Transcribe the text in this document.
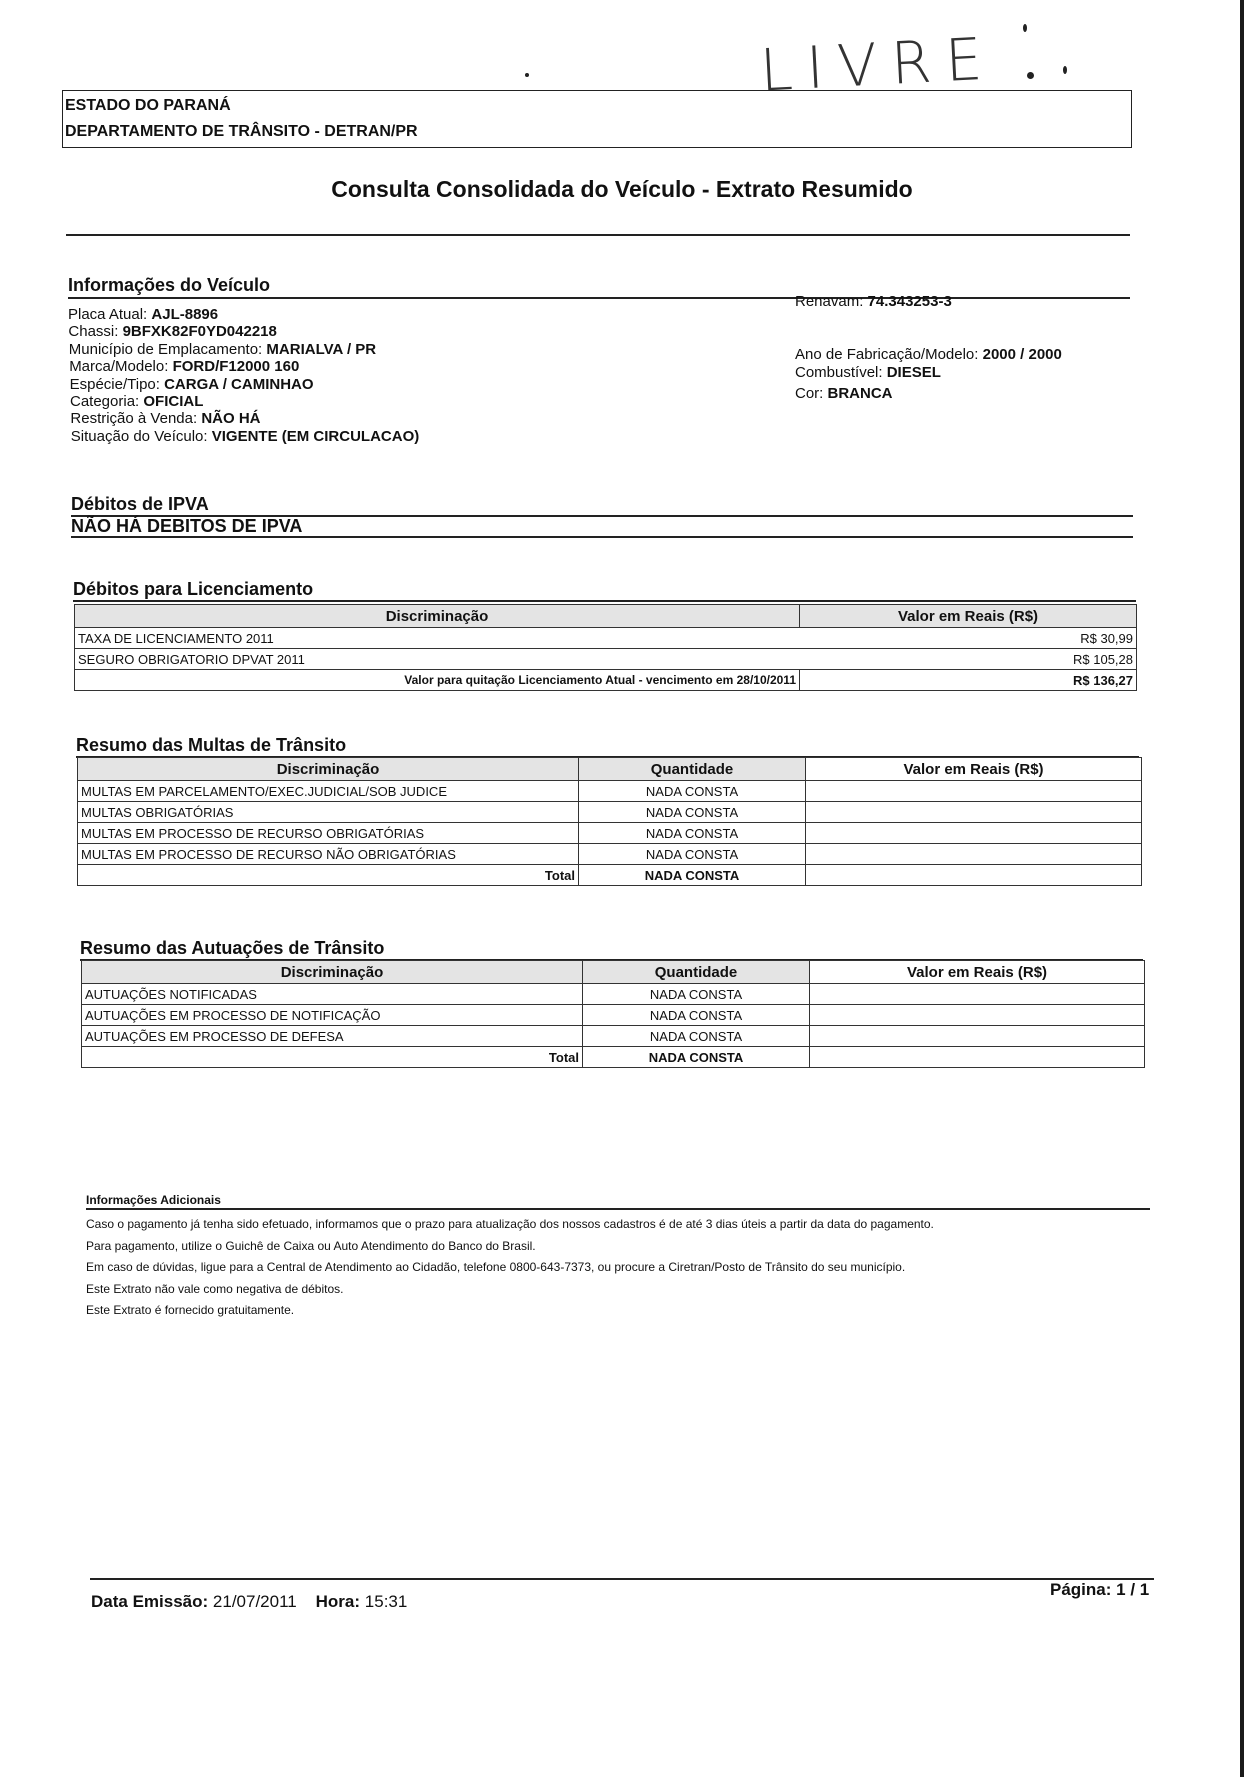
LIVRE
ESTADO DO PARANÁ
DEPARTAMENTO DE TRÂNSITO - DETRAN/PR
Consulta Consolidada do Veículo - Extrato Resumido
Informações do Veículo
Placa Atual: AJL-8896
Chassi: 9BFXK82F0YD042218
Município de Emplacamento: MARIALVA / PR
Marca/Modelo: FORD/F12000 160
Espécie/Tipo: CARGA / CAMINHAO
Categoria: OFICIAL
Restrição à Venda: NÃO HÁ
Situação do Veículo: VIGENTE (EM CIRCULACAO)
Renavam: 74.343253-3
Ano de Fabricação/Modelo: 2000 / 2000
Combustível: DIESEL
Cor: BRANCA
Débitos de IPVA
NÃO HÁ DEBITOS DE IPVA
Débitos para Licenciamento
Discriminação	Valor em Reais (R$)
TAXA DE LICENCIAMENTO 2011	R$ 30,99
SEGURO OBRIGATORIO DPVAT 2011	R$ 105,28
Valor para quitação Licenciamento Atual - vencimento em 28/10/2011	R$ 136,27
Resumo das Multas de Trânsito
Discriminação	Quantidade	Valor em Reais (R$)
MULTAS EM PARCELAMENTO/EXEC.JUDICIAL/SOB JUDICE	NADA CONSTA	
MULTAS OBRIGATÓRIAS	NADA CONSTA	
MULTAS EM PROCESSO DE RECURSO OBRIGATÓRIAS	NADA CONSTA	
MULTAS EM PROCESSO DE RECURSO NÃO OBRIGATÓRIAS	NADA CONSTA	
Total	NADA CONSTA	
Resumo das Autuações de Trânsito
Discriminação	Quantidade	Valor em Reais (R$)
AUTUAÇÕES NOTIFICADAS	NADA CONSTA	
AUTUAÇÕES EM PROCESSO DE NOTIFICAÇÃO	NADA CONSTA	
AUTUAÇÕES EM PROCESSO DE DEFESA	NADA CONSTA	
Total	NADA CONSTA	
Informações Adicionais
Caso o pagamento já tenha sido efetuado, informamos que o prazo para atualização dos nossos cadastros é de até 3 dias úteis a partir da data do pagamento.
Para pagamento, utilize o Guichê de Caixa ou Auto Atendimento do Banco do Brasil.
Em caso de dúvidas, ligue para a Central de Atendimento ao Cidadão, telefone 0800-643-7373, ou procure a Ciretran/Posto de Trânsito do seu município.
Este Extrato não vale como negativa de débitos.
Este Extrato é fornecido gratuitamente.
Data Emissão: 21/07/2011 Hora: 15:31
Página: 1 / 1
